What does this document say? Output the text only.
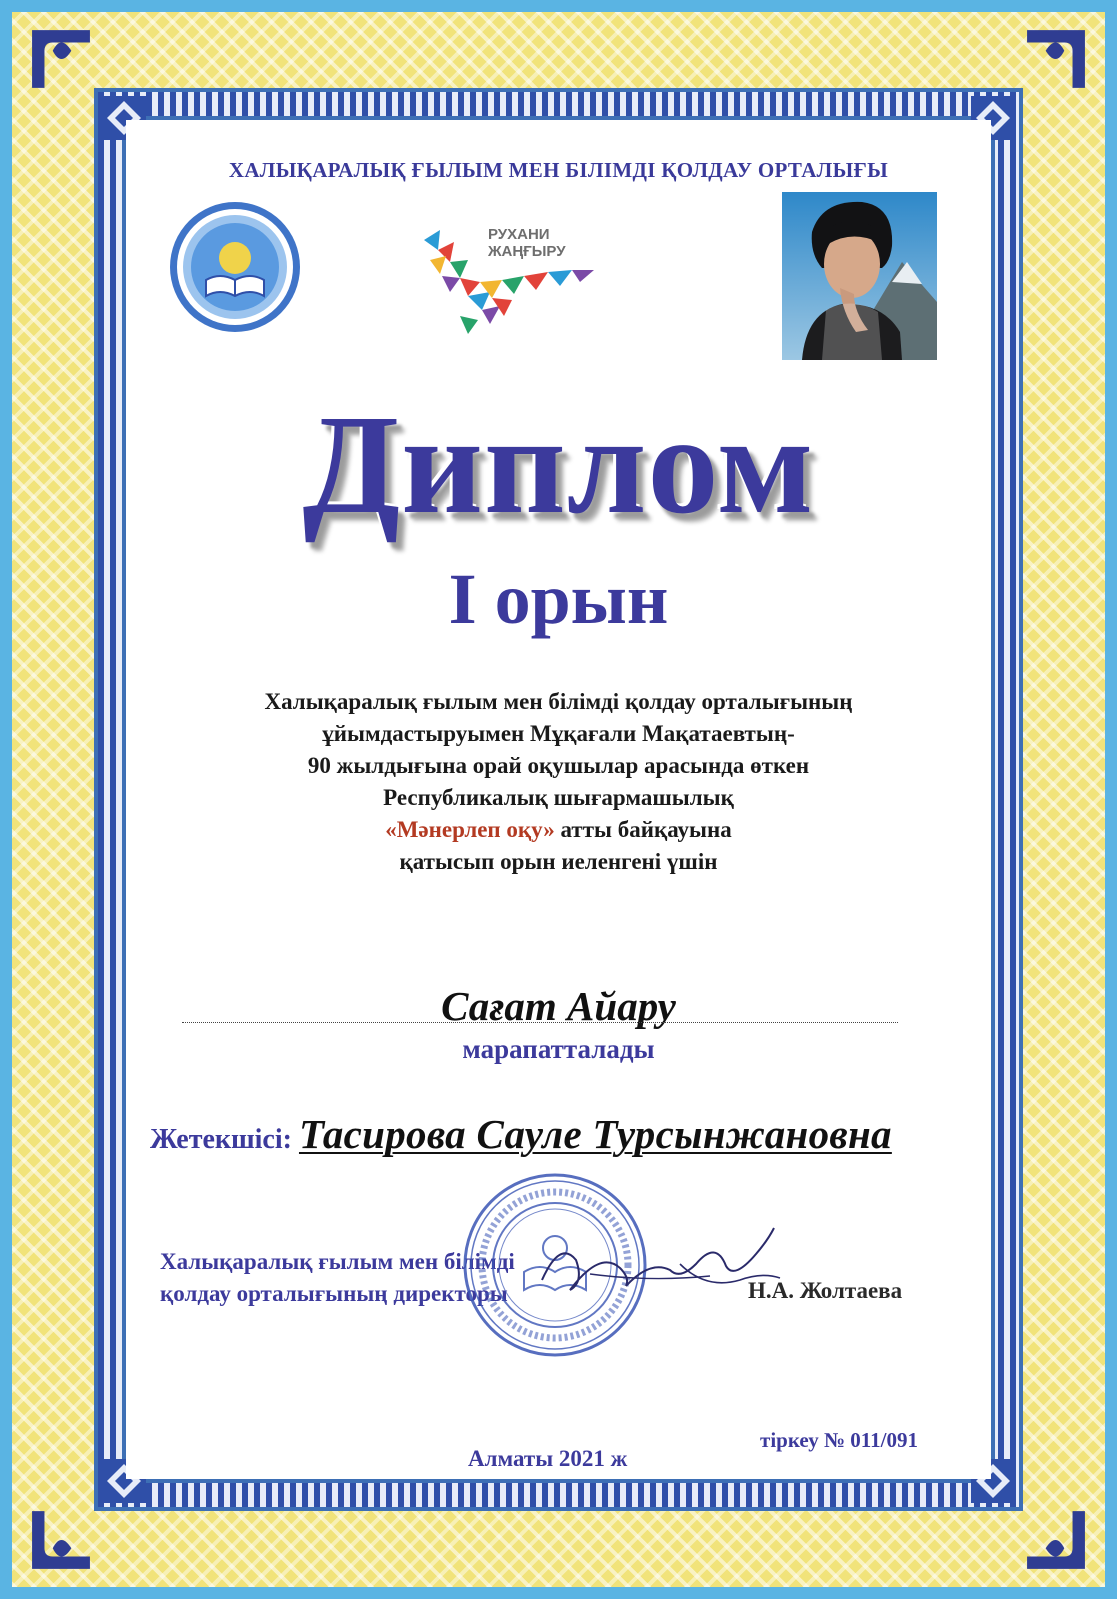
ХАЛЫҚАРАЛЫҚ ҒЫЛЫМ МЕН БІЛІМДІ ҚОЛДАУ ОРТАЛЫҒЫ
РУХАНИ
ЖАҢҒЫРУ
Диплом
I орын
Халықаралық ғылым мен білімді қолдау орталығының
ұйымдастыруымен Мұқағали Мақатаевтың-
90 жылдығына орай оқушылар арасында өткен
Республикалық шығармашылық
«Мәнерлеп оқу» атты байқауына
қатысып орын иеленгені үшін
Сағат Айару
марапатталады
Жетекшісі: Тасирова Сауле Турсынжановна
Халықаралық ғылым мен білімді
қолдау орталығының директоры	Н.А. Жолтаева
Алматы 2021 ж
тіркеу № 011/091
